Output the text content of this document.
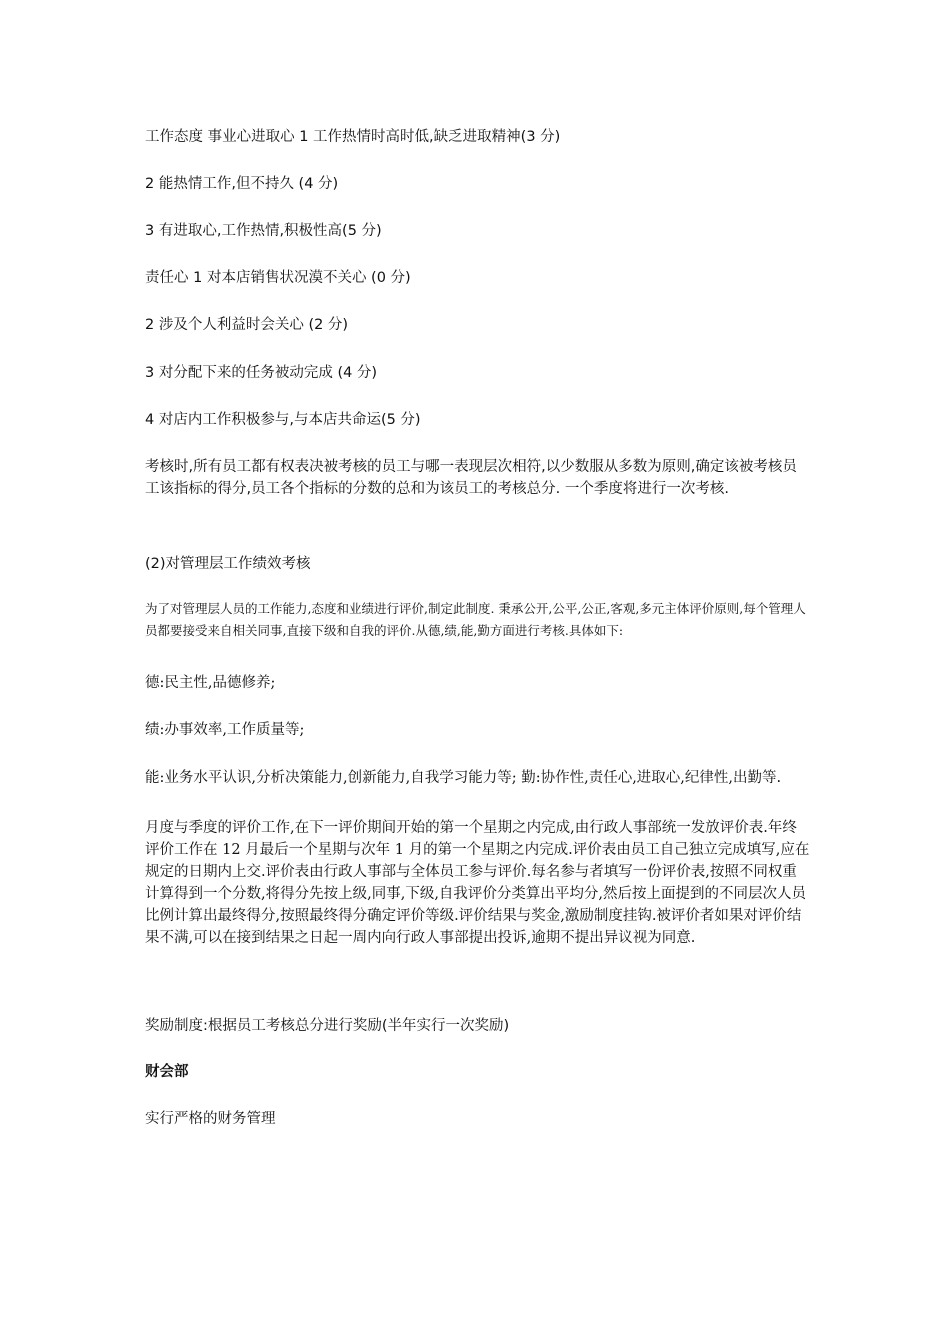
工作态度 事业心进取心 1 工作热情时高时低,缺乏进取精神(3 分)

2 能热情工作,但不持久 (4 分)

3 有进取心,工作热情,积极性高(5 分)

责任心 1 对本店销售状况漠不关心 (0 分)

2 涉及个人利益时会关心 (2 分)

3 对分配下来的任务被动完成 (4 分)

4 对店内工作积极参与,与本店共命运(5 分)

考核时,所有员工都有权表决被考核的员工与哪一表现层次相符,以少数服从多数为原则,确定该被考核员工该指标的得分,员工各个指标的分数的总和为该员工的考核总分. 一个季度将进行一次考核.

(2)对管理层工作绩效考核

为了对管理层人员的工作能力,态度和业绩进行评价,制定此制度. 秉承公开,公平,公正,客观,多元主体评价原则,每个管理人员都要接受来自相关同事,直接下级和自我的评价.从德,绩,能,勤方面进行考核.具体如下:

德:民主性,品德修养;

绩:办事效率,工作质量等;

能:业务水平认识,分析决策能力,创新能力,自我学习能力等; 勤:协作性,责任心,进取心,纪律性,出勤等.

月度与季度的评价工作,在下一评价期间开始的第一个星期之内完成,由行政人事部统一发放评价表.年终评价工作在 12 月最后一个星期与次年 1 月的第一个星期之内完成.评价表由员工自己独立完成填写,应在规定的日期内上交.评价表由行政人事部与全体员工参与评价.每名参与者填写一份评价表,按照不同权重计算得到一个分数,将得分先按上级,同事,下级,自我评价分类算出平均分,然后按上面提到的不同层次人员比例计算出最终得分,按照最终得分确定评价等级.评价结果与奖金,激励制度挂钩.被评价者如果对评价结果不满,可以在接到结果之日起一周内向行政人事部提出投诉,逾期不提出异议视为同意.

奖励制度:根据员工考核总分进行奖励(半年实行一次奖励)

财会部

实行严格的财务管理
